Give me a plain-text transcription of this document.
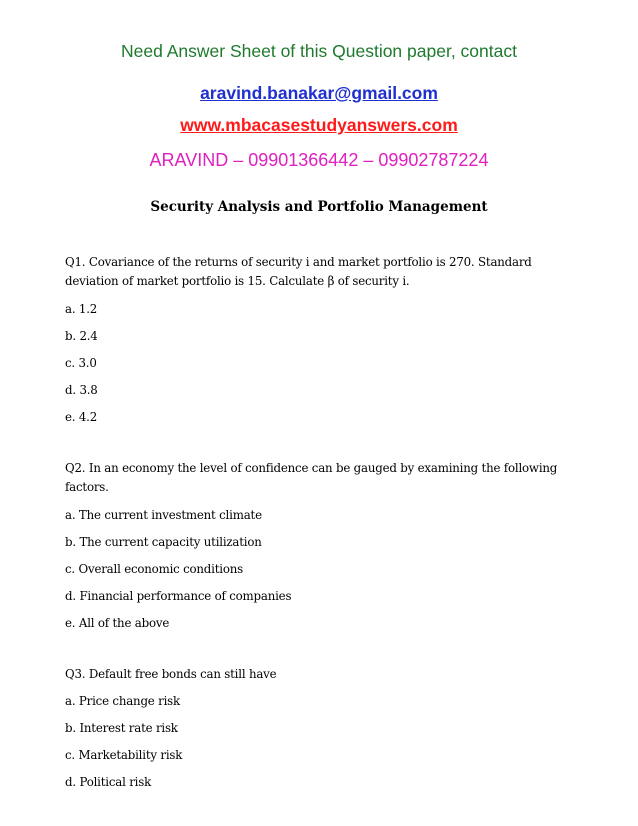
Need Answer Sheet of this Question paper, contact
aravind.banakar@gmail.com
www.mbacasestudyanswers.com
ARAVIND – 09901366442 – 09902787224
Security Analysis and Portfolio Management
Q1. Covariance of the returns of security i and market portfolio is 270. Standard
deviation of market portfolio is 15. Calculate β of security i.
a. 1.2
b. 2.4
c. 3.0
d. 3.8
e. 4.2
Q2. In an economy the level of confidence can be gauged by examining the following
factors.
a. The current investment climate
b. The current capacity utilization
c. Overall economic conditions
d. Financial performance of companies
e. All of the above
Q3. Default free bonds can still have
a. Price change risk
b. Interest rate risk
c. Marketability risk
d. Political risk
